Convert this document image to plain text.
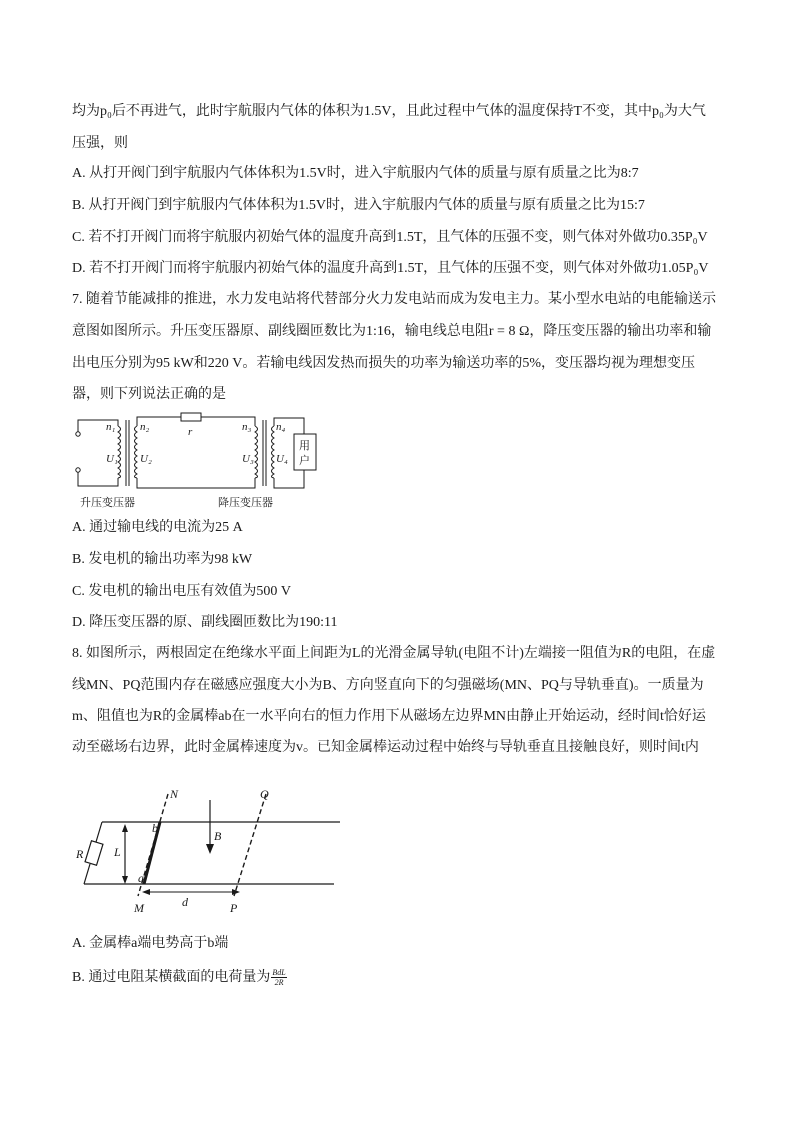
均为p₀后不再进气，此时宇航服内气体的体积为1.5V，且此过程中气体的温度保持T不变，其中p₀为大气
压强，则
A. 从打开阀门到宇航服内气体体积为1.5V时，进入宇航服内气体的质量与原有质量之比为8:7
B. 从打开阀门到宇航服内气体体积为1.5V时，进入宇航服内气体的质量与原有质量之比为15:7
C. 若不打开阀门而将宇航服内初始气体的温度升高到1.5T，且气体的压强不变，则气体对外做功0.35P₀V
D. 若不打开阀门而将宇航服内初始气体的温度升高到1.5T，且气体的压强不变，则气体对外做功1.05P₀V
7. 随着节能减排的推进，水力发电站将代替部分火力发电站而成为发电主力。某小型水电站的电能输送示
意图如图所示。升压变压器原、副线圈匝数比为1:16，输电线总电阻r = 8 Ω，降压变压器的输出功率和输
出电压分别为95 kW和220 V。若输电线因发热而损失的功率为输送功率的5%，变压器均视为理想变压
器，则下列说法正确的是
n₁ n₂
U₁ U₂
r	n₃ n₄
U₃ U₄
用
户
升压变压器	降压变压器
A. 通过输电线的电流为25 A
B. 发电机的输出功率为98 kW
C. 发电机的输出电压有效值为500 V
D. 降压变压器的原、副线圈匝数比为190:11
8. 如图所示，两根固定在绝缘水平面上间距为L的光滑金属导轨(电阻不计)左端接一阻值为R的电阻，在虚
线MN、PQ范围内存在磁感应强度大小为B、方向竖直向下的匀强磁场(MN、PQ与导轨垂直)。一质量为
m、阻值也为R的金属棒ab在一水平向右的恒力作用下从磁场左边界MN由静止开始运动，经时间t恰好运
动至磁场右边界，此时金属棒速度为v。已知金属棒运动过程中始终与导轨垂直且接触良好，则时间t内
N	Q
B
b
a
R	L
M	P
d
A. 金属棒a端电势高于b端
B. 通过电阻某横截面的电荷量为 $\frac{\text{BdL}}{2R}$
